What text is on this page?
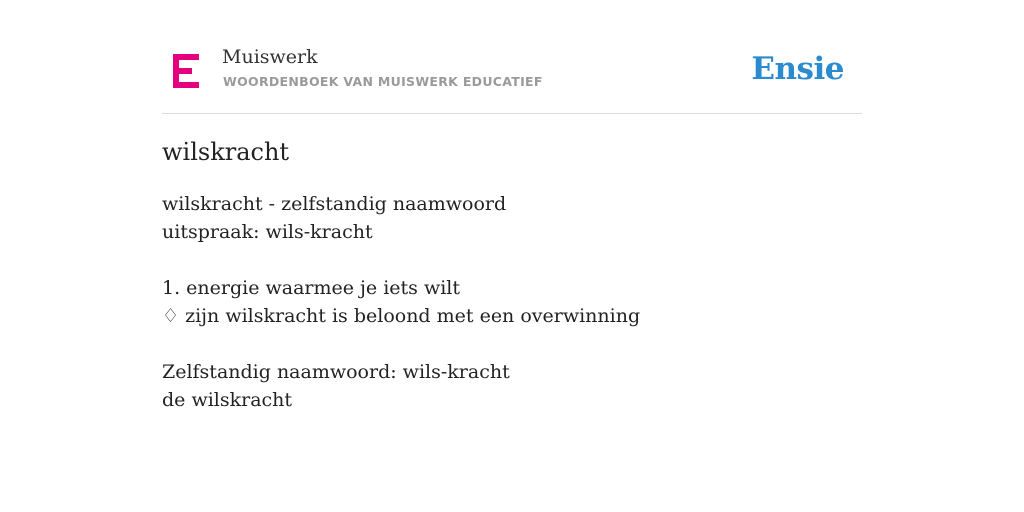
Muiswerk
WOORDENBOEK VAN MUISWERK EDUCATIEF	Ensie
wilskracht
wilskracht - zelfstandig naamwoord
uitspraak: wils-kracht
1. energie waarmee je iets wilt
♢ zijn wilskracht is beloond met een overwinning
Zelfstandig naamwoord: wils-kracht
de wilskracht
